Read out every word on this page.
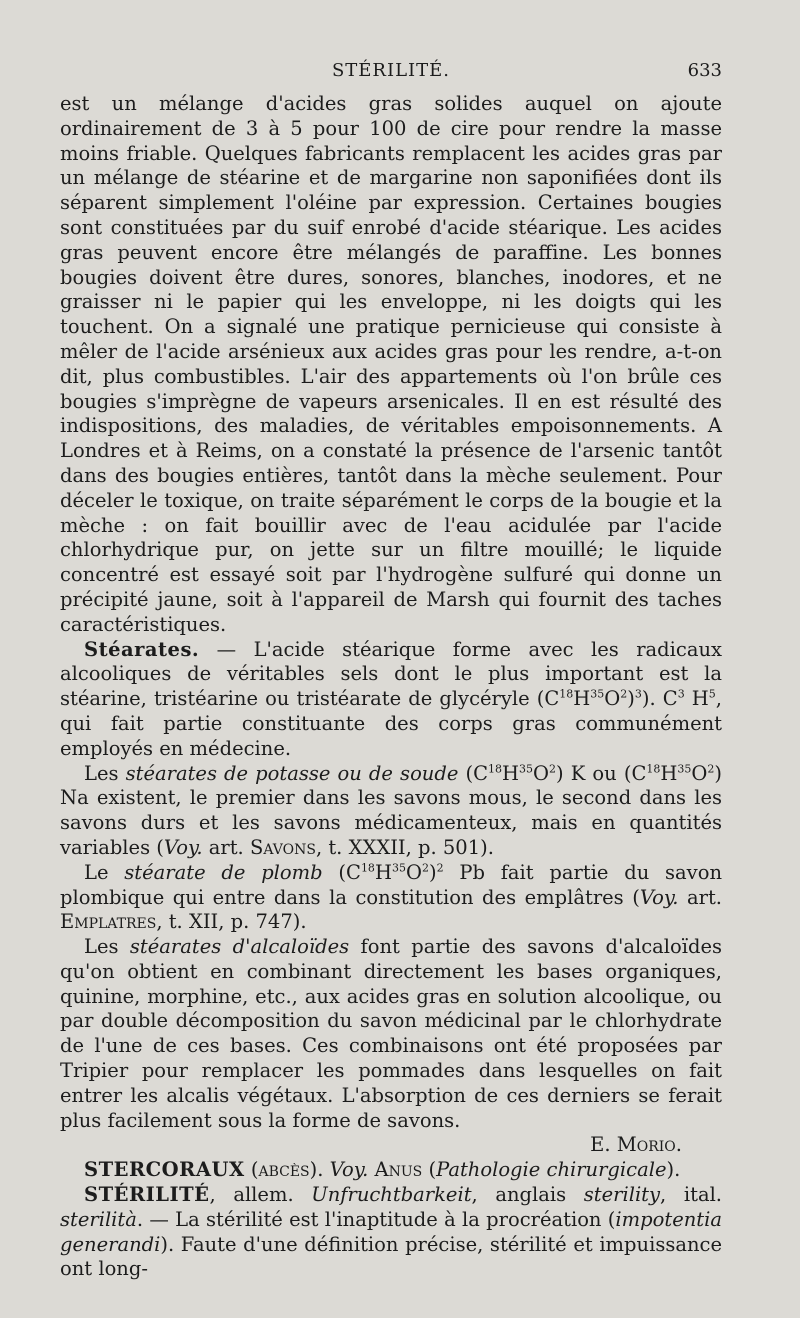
STÉRILITÉ.	633

est un mélange d'acides gras solides auquel on ajoute ordinairement de 3 à 5 pour 100 de cire pour rendre la masse moins friable. Quelques fabricants remplacent les acides gras par un mélange de stéarine et de margarine non saponifiées dont ils séparent simplement l'oléine par expression. Certaines bougies sont constituées par du suif enrobé d'acide stéarique. Les acides gras peuvent encore être mélangés de paraffine. Les bonnes bougies doivent être dures, sonores, blanches, inodores, et ne graisser ni le papier qui les enveloppe, ni les doigts qui les touchent. On a signalé une pratique pernicieuse qui consiste à mêler de l'acide arsénieux aux acides gras pour les rendre, a-t-on dit, plus combustibles. L'air des appartements où l'on brûle ces bougies s'imprègne de vapeurs arsenicales. Il en est résulté des indispositions, des maladies, de véritables empoisonnements. A Londres et à Reims, on a constaté la présence de l'arsenic tantôt dans des bougies entières, tantôt dans la mèche seulement. Pour déceler le toxique, on traite séparément le corps de la bougie et la mèche : on fait bouillir avec de l'eau acidulée par l'acide chlorhydrique pur, on jette sur un filtre mouillé; le liquide concentré est essayé soit par l'hydrogène sulfuré qui donne un précipité jaune, soit à l'appareil de Marsh qui fournit des taches caractéristiques.

Stéarates. — L'acide stéarique forme avec les radicaux alcooliques de véritables sels dont le plus important est la stéarine, tristéarine ou tristéarate de glycéryle $(C^{18}H^{35}O^2)^3$). $C^3$ $H^5$, qui fait partie constituante des corps gras communément employés en médecine.

Les stéarates de potasse ou de soude $(C^{18}H^{35}O^2)$ K ou $(C^{18}H^{35}O^2)$ Na existent, le premier dans les savons mous, le second dans les savons durs et les savons médicamenteux, mais en quantités variables (Voy. art. Savons, t. XXXII, p. 501).

Le stéarate de plomb $(C^{18}H^{35}O^2)^2$ Pb fait partie du savon plombique qui entre dans la constitution des emplâtres (Voy. art. Emplatres, t. XII, p. 747).

Les stéarates d'alcaloïdes font partie des savons d'alcaloïdes qu'on obtient en combinant directement les bases organiques, quinine, morphine, etc., aux acides gras en solution alcoolique, ou par double décomposition du savon médicinal par le chlorhydrate de l'une de ces bases. Ces combinaisons ont été proposées par Tripier pour remplacer les pommades dans lesquelles on fait entrer les alcalis végétaux. L'absorption de ces derniers se ferait plus facilement sous la forme de savons.

E. Morio.

STERCORAUX (abcès). Voy. Anus (Pathologie chirurgicale).

STÉRILITÉ, allem. Unfruchtbarkeit, anglais sterility, ital. sterilità. — La stérilité est l'inaptitude à la procréation (impotentia generandi). Faute d'une définition précise, stérilité et impuissance ont long-
